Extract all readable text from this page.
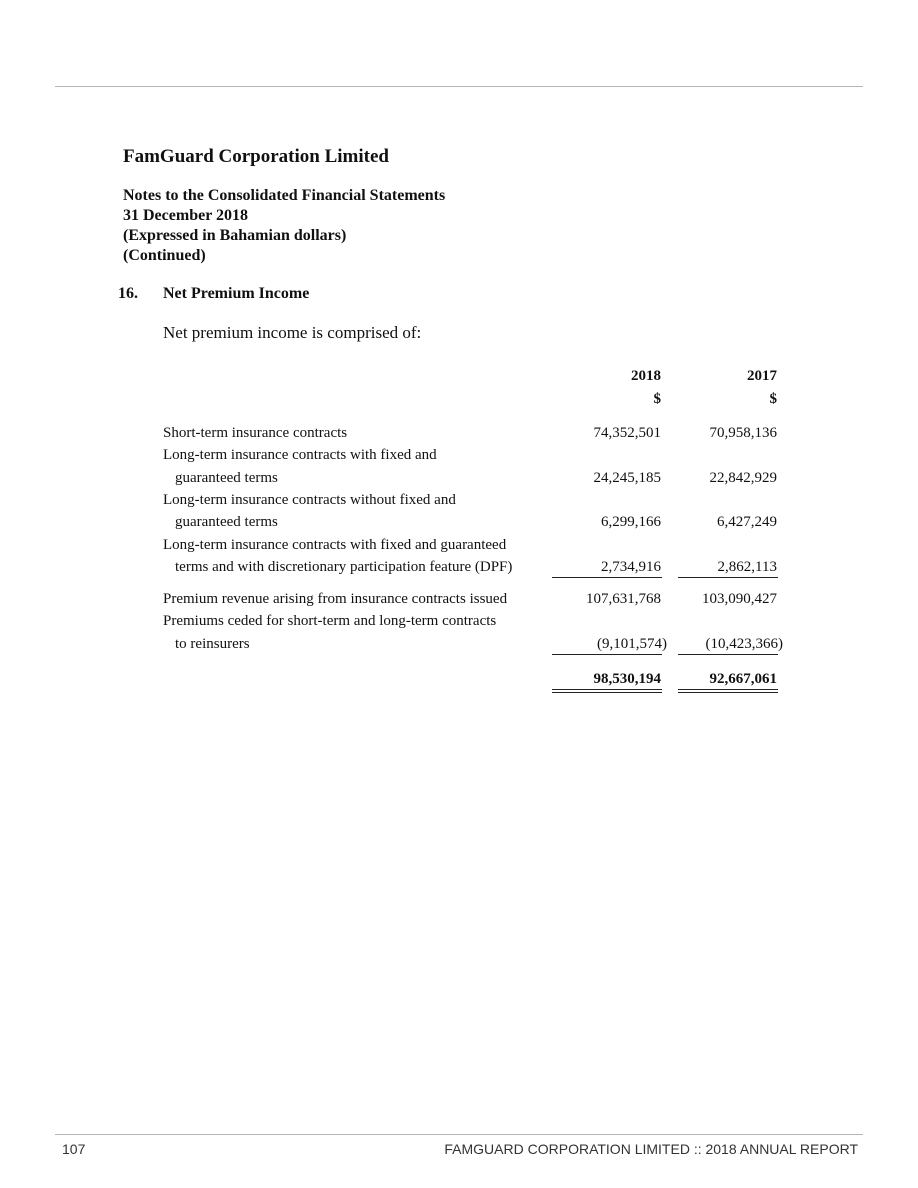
FamGuard Corporation Limited
Notes to the Consolidated Financial Statements
31 December 2018
(Expressed in Bahamian dollars)
(Continued)
16. Net Premium Income
Net premium income is comprised of:
2018	2017
$	$
Short-term insurance contracts	74,352,501	70,958,136
Long-term insurance contracts with fixed and
guaranteed terms	24,245,185	22,842,929
Long-term insurance contracts without fixed and
guaranteed terms	6,299,166	6,427,249
Long-term insurance contracts with fixed and guaranteed
terms and with discretionary participation feature (DPF)	2,734,916	2,862,113
Premium revenue arising from insurance contracts issued	107,631,768	103,090,427
Premiums ceded for short-term and long-term contracts
to reinsurers	(9,101,574)	(10,423,366)
98,530,194	92,667,061
107	FAMGUARD CORPORATION LIMITED :: 2018 ANNUAL REPORT
